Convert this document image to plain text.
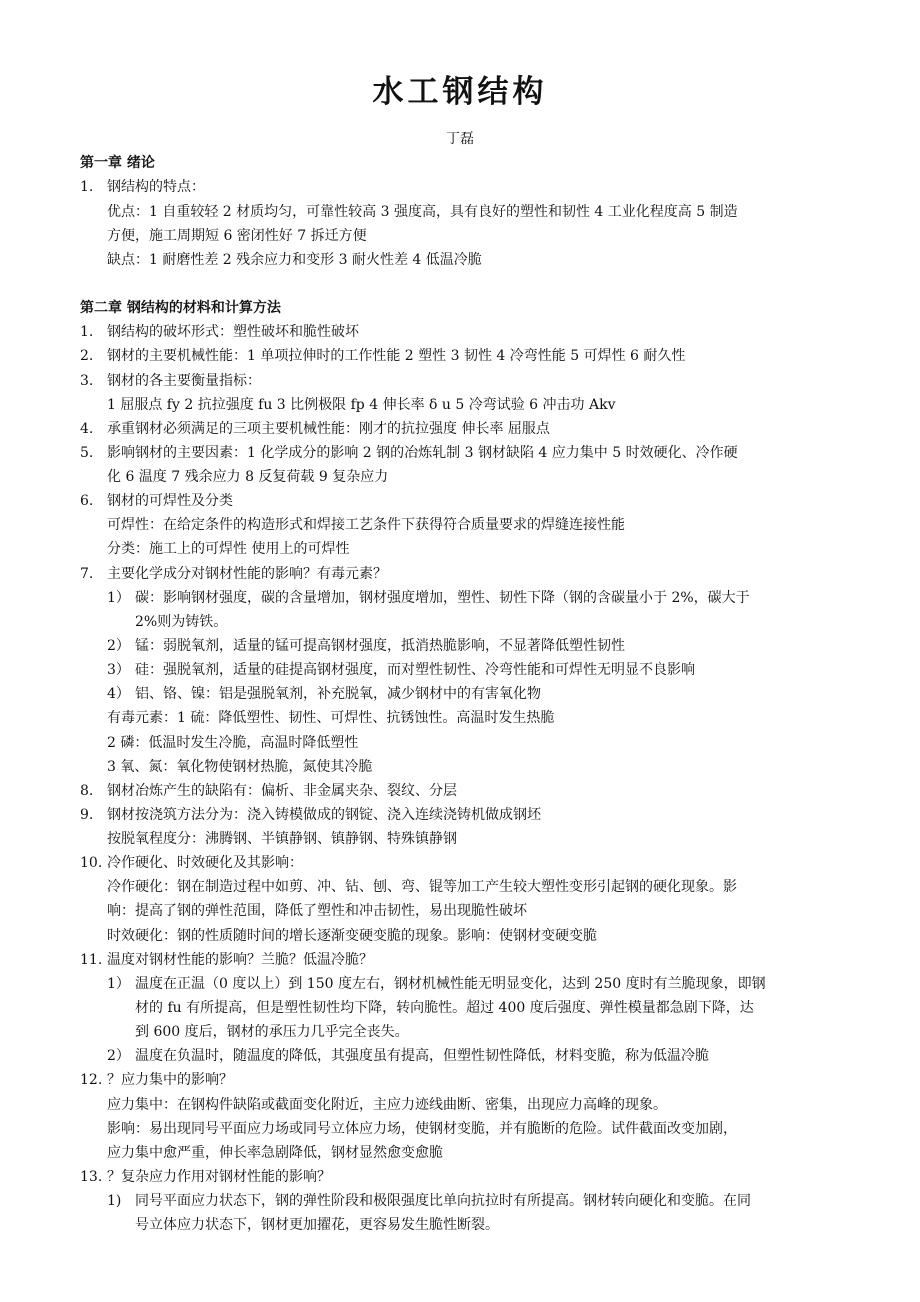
水工钢结构
丁磊
第一章 绪论
1. 钢结构的特点：
优点：1 自重较轻 2 材质均匀，可靠性较高 3 强度高，具有良好的塑性和韧性 4 工业化程度高 5 制造
方便，施工周期短 6 密闭性好 7 拆迁方便
缺点：1 耐磨性差 2 残余应力和变形 3 耐火性差 4 低温冷脆
第二章 钢结构的材料和计算方法
1. 钢结构的破坏形式：塑性破坏和脆性破坏
2. 钢材的主要机械性能：1 单项拉伸时的工作性能 2 塑性 3 韧性 4 冷弯性能 5 可焊性 6 耐久性
3. 钢材的各主要衡量指标：
1 屈服点 fy 2 抗拉强度 fu 3 比例极限 fp 4 伸长率 δ u 5 冷弯试验 6 冲击功 Akv
4. 承重钢材必须满足的三项主要机械性能：刚才的抗拉强度 伸长率 屈服点
5. 影响钢材的主要因素：1 化学成分的影响 2 钢的冶炼轧制 3 钢材缺陷 4 应力集中 5 时效硬化、冷作硬
化 6 温度 7 残余应力 8 反复荷载 9 复杂应力
6. 钢材的可焊性及分类
可焊性：在给定条件的构造形式和焊接工艺条件下获得符合质量要求的焊缝连接性能
分类：施工上的可焊性 使用上的可焊性
7. 主要化学成分对钢材性能的影响？有毒元素？
1） 碳：影响钢材强度，碳的含量增加，钢材强度增加，塑性、韧性下降（钢的含碳量小于 2%，碳大于
2%则为铸铁。
2） 锰：弱脱氧剂，适量的锰可提高钢材强度，抵消热脆影响，不显著降低塑性韧性
3） 硅：强脱氧剂，适量的硅提高钢材强度，而对塑性韧性、冷弯性能和可焊性无明显不良影响
4） 铝、铬、镍：铝是强脱氧剂，补充脱氧，减少钢材中的有害氧化物
有毒元素：1 硫：降低塑性、韧性、可焊性、抗锈蚀性。高温时发生热脆
2 磷：低温时发生冷脆，高温时降低塑性
3 氧、氮：氧化物使钢材热脆，氮使其冷脆
8. 钢材冶炼产生的缺陷有：偏析、非金属夹杂、裂纹、分层
9. 钢材按浇筑方法分为：浇入铸模做成的钢锭、浇入连续浇铸机做成钢坯
按脱氧程度分：沸腾钢、半镇静钢、镇静钢、特殊镇静钢
10. 冷作硬化、时效硬化及其影响：
冷作硬化：钢在制造过程中如剪、冲、钻、刨、弯、锟等加工产生较大塑性变形引起钢的硬化现象。影
响：提高了钢的弹性范围，降低了塑性和冲击韧性，易出现脆性破坏
时效硬化：钢的性质随时间的增长逐渐变硬变脆的现象。影响：使钢材变硬变脆
11. 温度对钢材性能的影响？兰脆？低温冷脆？
1） 温度在正温（0 度以上）到 150 度左右，钢材机械性能无明显变化，达到 250 度时有兰脆现象，即钢
材的 fu 有所提高，但是塑性韧性均下降，转向脆性。超过 400 度后强度、弹性模量都急剧下降，达
到 600 度后，钢材的承压力几乎完全丧失。
2） 温度在负温时，随温度的降低，其强度虽有提高，但塑性韧性降低，材料变脆，称为低温冷脆
12. ？应力集中的影响？
应力集中：在钢构件缺陷或截面变化附近，主应力迹线曲断、密集，出现应力高峰的现象。
影响：易出现同号平面应力场或同号立体应力场，使钢材变脆，并有脆断的危险。试件截面改变加剧，
应力集中愈严重，伸长率急剧降低，钢材显然愈变愈脆
13. ？复杂应力作用对钢材性能的影响？
1) 同号平面应力状态下，钢的弹性阶段和极限强度比单向抗拉时有所提高。钢材转向硬化和变脆。在同
号立体应力状态下，钢材更加擢花，更容易发生脆性断裂。
